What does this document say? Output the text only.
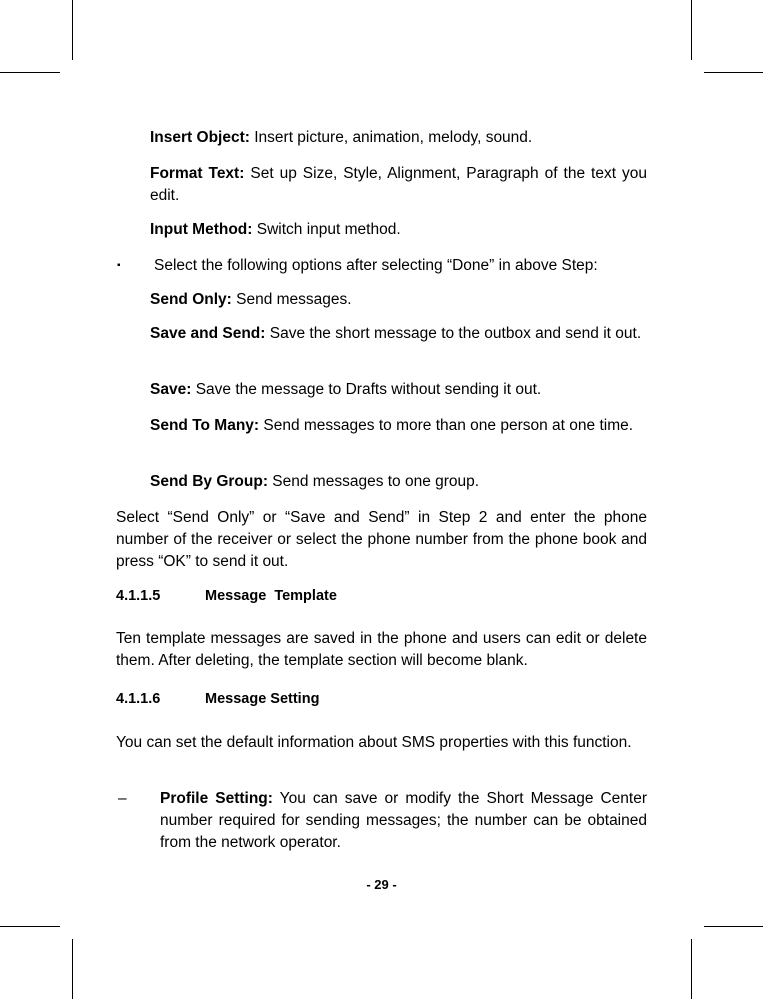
Insert Object: Insert picture, animation, melody, sound.

Format Text: Set up Size, Style, Alignment, Paragraph of the text you edit.

Input Method: Switch input method.

▪ Select the following options after selecting “Done” in above Step:

Send Only: Send messages.

Save and Send: Save the short message to the outbox and send it out.

Save: Save the message to Drafts without sending it out.

Send To Many: Send messages to more than one person at one time.

Send By Group: Send messages to one group.

Select “Send Only” or “Save and Send” in Step 2 and enter the phone number of the receiver or select the phone number from the phone book and press “OK” to send it out.

4.1.1.5	Message  Template

Ten template messages are saved in the phone and users can edit or delete them. After deleting, the template section will become blank.

4.1.1.6	Message Setting

You can set the default information about SMS properties with this function.

– Profile Setting: You can save or modify the Short Message Center number required for sending messages; the number can be obtained from the network operator.

- 29 -
